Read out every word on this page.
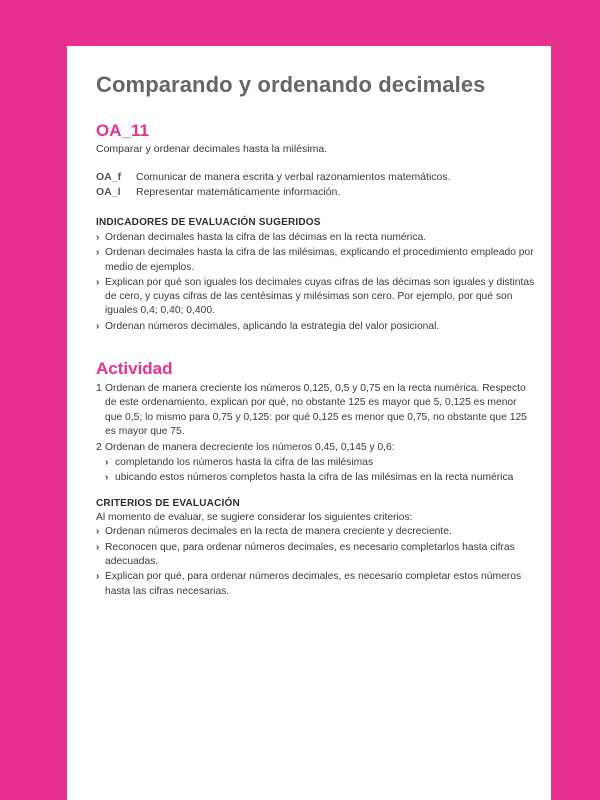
Comparando y ordenando decimales
OA_11
Comparar y ordenar decimales hasta la milésima.
OA_f	Comunicar de manera escrita y verbal razonamientos matemáticos.
OA_l	Representar matemáticamente información.
INDICADORES DE EVALUACIÓN SUGERIDOS
› Ordenan decimales hasta la cifra de las décimas en la recta numérica.
› Ordenan decimales hasta la cifra de las milésimas, explicando el procedimiento empleado por medio de ejemplos.
› Explican por qué son iguales los decimales cuyas cifras de las décimas son iguales y distintas de cero, y cuyas cifras de las centésimas y milésimas son cero. Por ejemplo, por qué son iguales 0,4; 0,40; 0,400.
› Ordenan números decimales, aplicando la estrategia del valor posicional.
Actividad
1 Ordenan de manera creciente los números 0,125, 0,5 y 0,75 en la recta numérica. Respecto de este ordenamiento, explican por qué, no obstante 125 es mayor que 5, 0,125 es menor que 0,5; lo mismo para 0,75 y 0,125: por qué 0,125 es menor que 0,75, no obstante que 125 es mayor que 75.
2 Ordenan de manera decreciente los números 0,45, 0,145 y 0,6:
› completando los números hasta la cifra de las milésimas
› ubicando estos números completos hasta la cifra de las milésimas en la recta numérica
CRITERIOS DE EVALUACIÓN
Al momento de evaluar, se sugiere considerar los siguientes criterios:
› Ordenan números decimales en la recta de manera creciente y decreciente.
› Reconocen que, para ordenar números decimales, es necesario completarlos hasta cifras adecuadas.
› Explican por qué, para ordenar números decimales, es necesario completar estos números hasta las cifras necesarias.
